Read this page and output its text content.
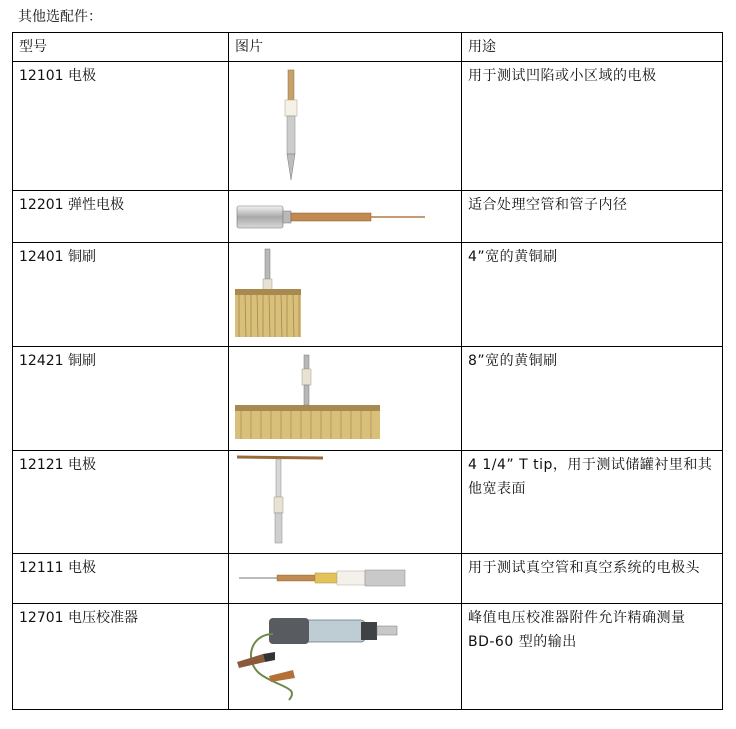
其他选配件：
型号	图片	用途
12101 电极		用于测试凹陷或小区域的电极
12201 弹性电极		适合处理空管和管子内径
12401 铜刷		4”宽的黄铜刷
12421 铜刷		8”宽的黄铜刷
12121 电极		4 1/4” T tip，用于测试储罐衬里和其他宽表面
12111 电极		用于测试真空管和真空系统的电极头
12701 电压校准器		峰值电压校准器附件允许精确测量 BD-60 型的输出
